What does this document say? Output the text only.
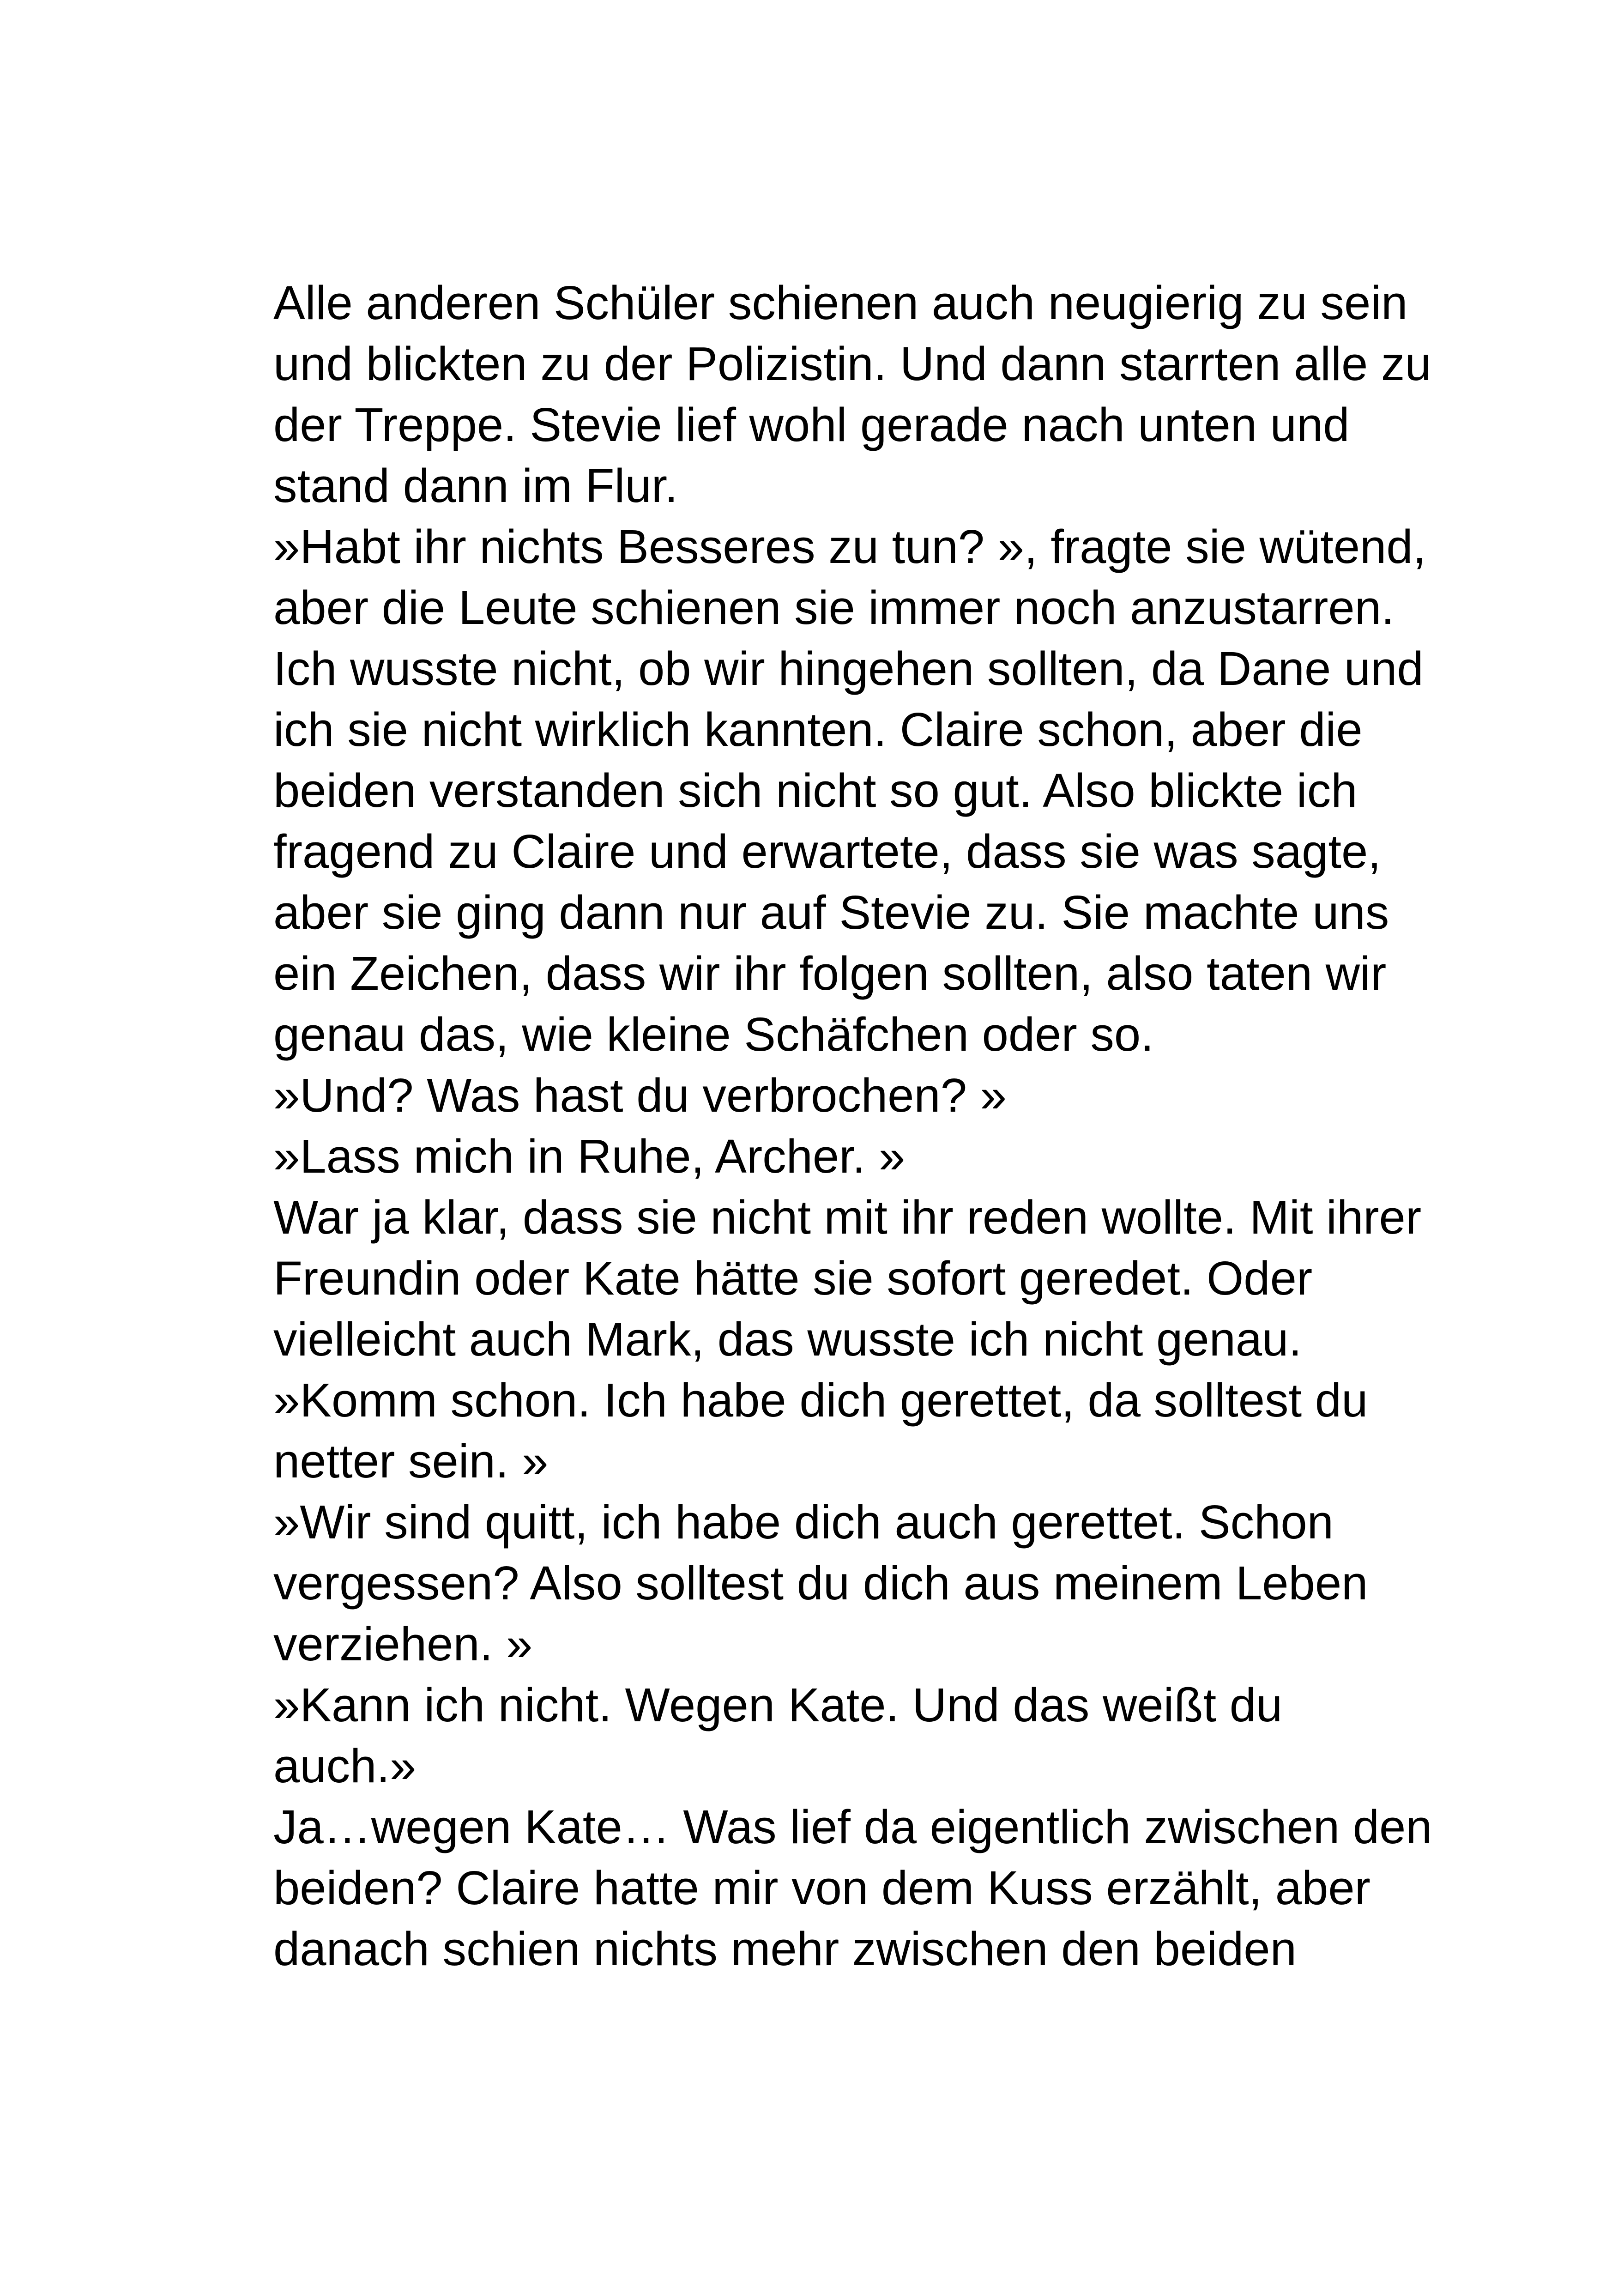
Alle anderen Schüler schienen auch neugierig zu sein
und blickten zu der Polizistin. Und dann starrten alle zu
der Treppe. Stevie lief wohl gerade nach unten und
stand dann im Flur.
»Habt ihr nichts Besseres zu tun? », fragte sie wütend,
aber die Leute schienen sie immer noch anzustarren.
Ich wusste nicht, ob wir hingehen sollten, da Dane und
ich sie nicht wirklich kannten. Claire schon, aber die
beiden verstanden sich nicht so gut. Also blickte ich
fragend zu Claire und erwartete, dass sie was sagte,
aber sie ging dann nur auf Stevie zu. Sie machte uns
ein Zeichen, dass wir ihr folgen sollten, also taten wir
genau das, wie kleine Schäfchen oder so.
»Und? Was hast du verbrochen? »
»Lass mich in Ruhe, Archer. »
War ja klar, dass sie nicht mit ihr reden wollte. Mit ihrer
Freundin oder Kate hätte sie sofort geredet. Oder
vielleicht auch Mark, das wusste ich nicht genau.
»Komm schon. Ich habe dich gerettet, da solltest du
netter sein. »
»Wir sind quitt, ich habe dich auch gerettet. Schon
vergessen? Also solltest du dich aus meinem Leben
verziehen. »
»Kann ich nicht. Wegen Kate. Und das weißt du
auch.»
Ja…wegen Kate… Was lief da eigentlich zwischen den
beiden? Claire hatte mir von dem Kuss erzählt, aber
danach schien nichts mehr zwischen den beiden
